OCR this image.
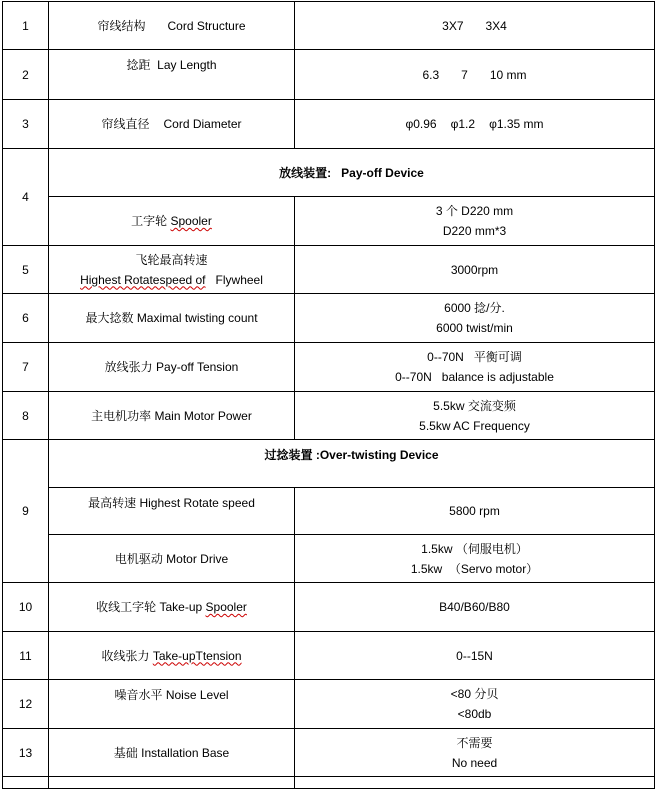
1	帘线结构 Cord Structure	3X7 3X4
2	捻距 Lay Length	6.3 7 10 mm
3	帘线直径 Cord Diameter	φ0.96 φ1.2 φ1.35 mm
4	放线装置: Pay-off Device	
	工字轮 Spooler	3 个 D220 mm
D220 mm*3

5	飞轮最高转速
Highest Rotatespeed of Flywheel	3000rpm
6	最大捻数 Maximal twisting count	6000 捻/分.
6000 twist/min

7	放线张力 Pay-off Tension	0--70N   平衡可调
0--70N   balance is adjustable

8	主电机功率 Main Motor Power	5.5kw 交流变频
5.5kw AC Frequency

9	过捻装置 :Over-twisting Device	
	最高转速 Highest Rotate speed	5800 rpm
	电机驱动 Motor Drive	1.5kw （伺服电机）
1.5kw  （Servo motor）

10	收线工字轮 Take-up Spooler	B40/B60/B80
11	收线张力 Take-upTtension	0--15N
12	噪音水平 Noise Level	<80 分贝
<80db

13	基础 Installation Base	不需要
No need
